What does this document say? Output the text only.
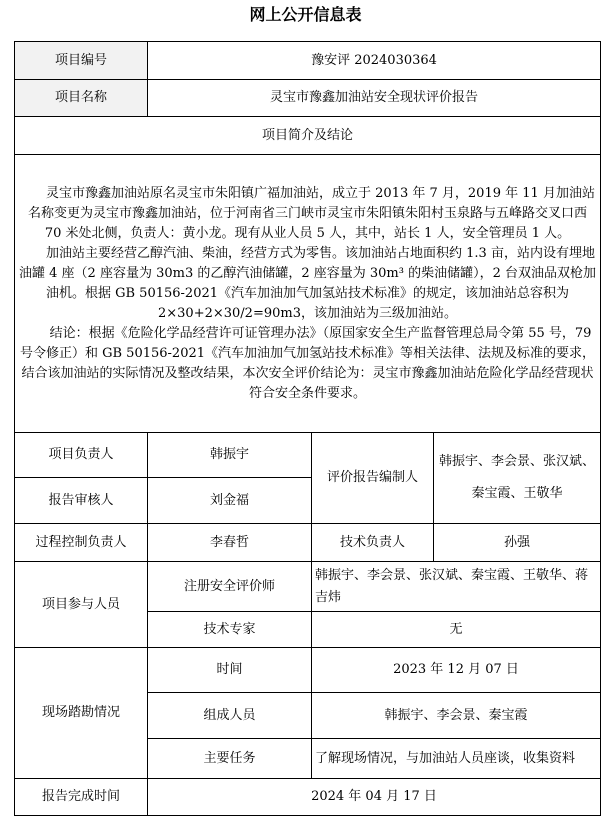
网上公开信息表
项目编号	豫安评 2024030364		
项目名称	灵宝市豫鑫加油站安全现状评价报告		
项目简介及结论			

灵宝市豫鑫加油站原名灵宝市朱阳镇广福加油站，成立于 2013 年 7 月，2019 年 11 月加油站名称变更为灵宝市豫鑫加油站，位于河南省三门峡市灵宝市朱阳镇朱阳村玉泉路与五峰路交叉口西 70 米处北侧，负责人：黄小龙。现有从业人员 5 人，其中，站长 1 人，安全管理员 1 人。

加油站主要经营乙醇汽油、柴油，经营方式为零售。该加油站占地面积约 1.3 亩，站内设有埋地油罐 4 座（2 座容量为 30m3 的乙醇汽油储罐，2 座容量为 30m³ 的柴油储罐），2 台双油品双枪加油机。根据 GB 50156-2021《汽车加油加气加氢站技术标准》的规定，该加油站总容积为 2×30+2×30/2=90m3，该加油站为三级加油站。

结论：根据《危险化学品经营许可证管理办法》（原国家安全生产监督管理总局令第 55 号，79 号令修正）和 GB 50156-2021《汽车加油加气加氢站技术标准》等相关法律、法规及标准的要求，结合该加油站的实际情况及整改结果，本次安全评价结论为：灵宝市豫鑫加油站危险化学品经营现状符合安全条件要求。			

项目负责人	韩振宇	评价报告编制人	韩振宇、李会景、张汉斌、秦宝霞、王敬华
报告审核人	刘金福		
过程控制负责人	李春哲	技术负责人	孙强
项目参与人员	注册安全评价师	韩振宇、李会景、张汉斌、秦宝霞、王敬华、蒋吉炜	
	技术专家	无	
现场踏勘情况	时间	2023 年 12 月 07 日	
	组成人员	韩振宇、李会景、秦宝霞	
	主要任务	了解现场情况，与加油站人员座谈，收集资料	
报告完成时间	2024 年 04 月 17 日		
